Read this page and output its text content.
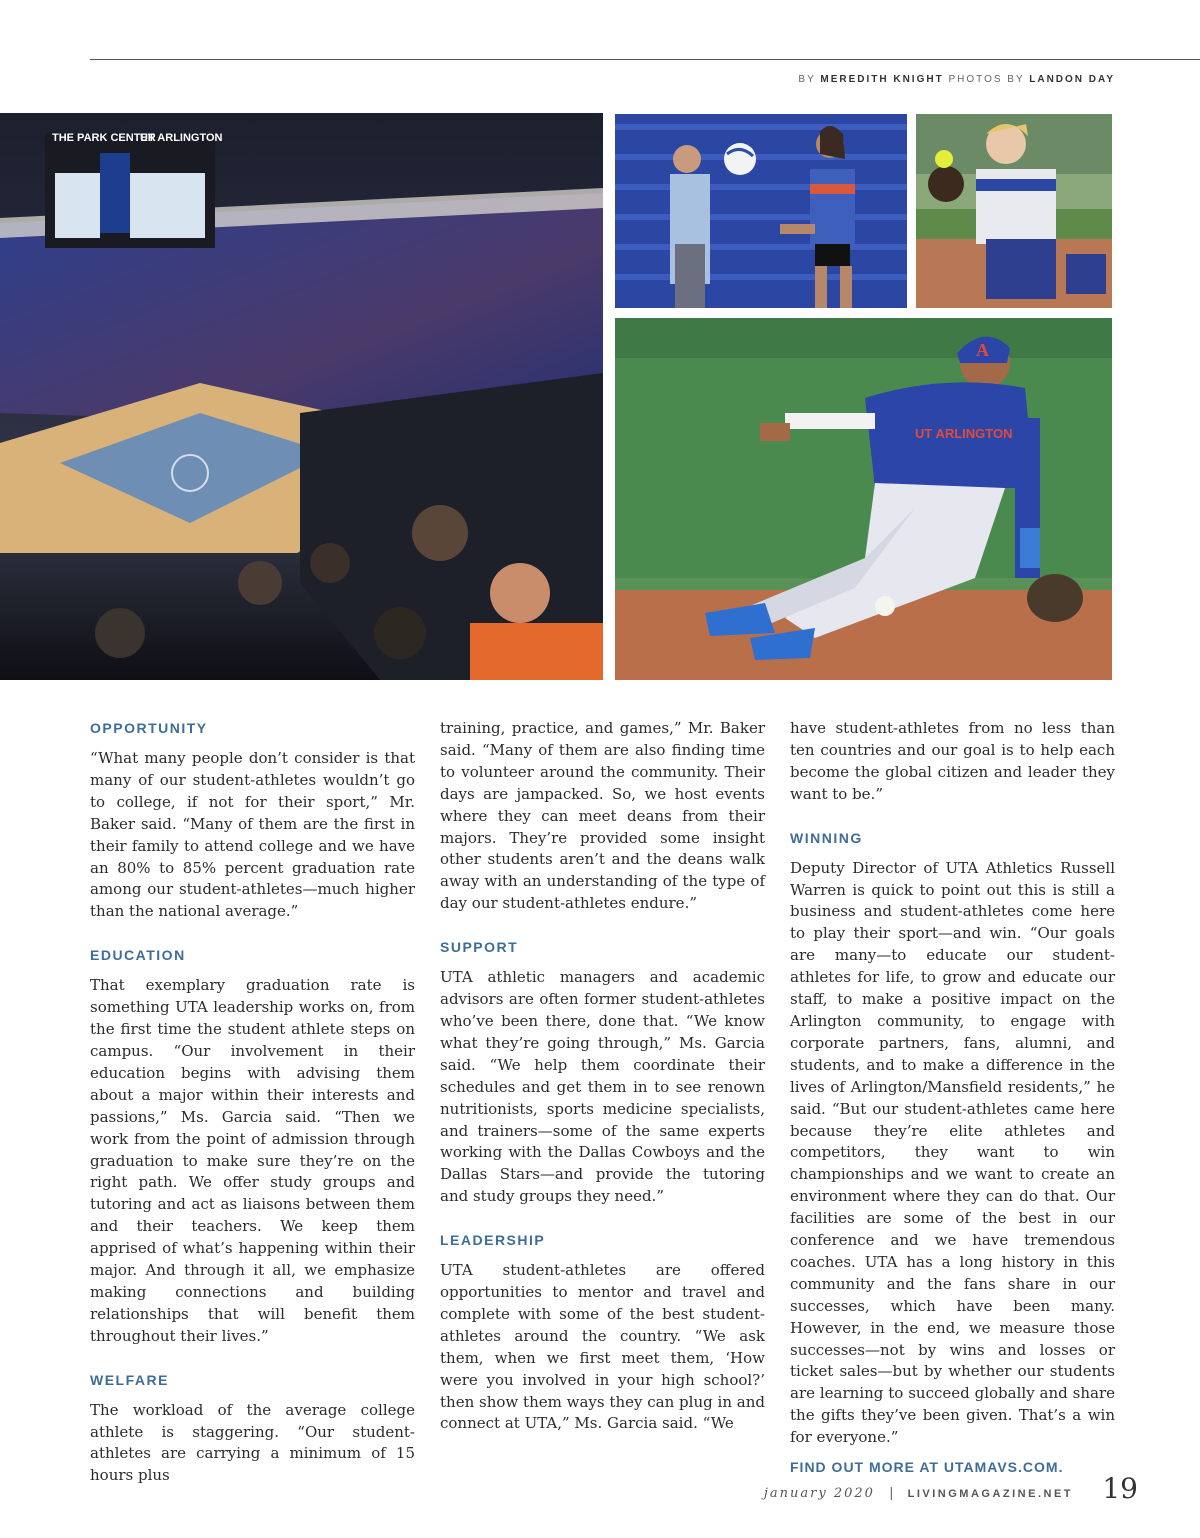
BY MEREDITH KNIGHT PHOTOS BY LANDON DAY
THE PARK CENTER
UT ARLINGTON
A
UT ARLINGTON
OPPORTUNITY

“What many people don’t consider is that many of our student-athletes wouldn’t go to college, if not for their sport,” Mr. Baker said. “Many of them are the first in their family to attend college and we have an 80% to 85% percent graduation rate among our student-athletes—much higher than the national average.”

EDUCATION

That exemplary graduation rate is something UTA leadership works on, from the first time the student athlete steps on campus. “Our involvement in their education begins with advising them about a major within their interests and passions,” Ms. Garcia said. “Then we work from the point of admission through graduation to make sure they’re on the right path. We offer study groups and tutoring and act as liaisons between them and their teachers. We keep them apprised of what’s happening within their major. And through it all, we emphasize making connections and building relationships that will benefit them throughout their lives.”

WELFARE

The workload of the average college athlete is staggering. “Our student-athletes are carrying a minimum of 15 hours plus

training, practice, and games,” Mr. Baker said. “Many of them are also finding time to volunteer around the community. Their days are jampacked. So, we host events where they can meet deans from their majors. They’re provided some insight other students aren’t and the deans walk away with an understanding of the type of day our student-athletes endure.”

SUPPORT

UTA athletic managers and academic advisors are often former student-athletes who’ve been there, done that. “We know what they’re going through,” Ms. Garcia said. “We help them coordinate their schedules and get them in to see renown nutritionists, sports medicine specialists, and trainers—some of the same experts working with the Dallas Cowboys and the Dallas Stars—and provide the tutoring and study groups they need.”

LEADERSHIP

UTA student-athletes are offered opportunities to mentor and travel and complete with some of the best student-athletes around the country. “We ask them, when we first meet them, ‘How were you involved in your high school?’ then show them ways they can plug in and connect at UTA,” Ms. Garcia said. “We

have student-athletes from no less than ten countries and our goal is to help each become the global citizen and leader they want to be.”

WINNING

Deputy Director of UTA Athletics Russell Warren is quick to point out this is still a business and student-athletes come here to play their sport—and win. “Our goals are many—to educate our student-athletes for life, to grow and educate our staff, to make a positive impact on the Arlington community, to engage with corporate partners, fans, alumni, and students, and to make a difference in the lives of Arlington/Mansfield residents,” he said. “But our student-athletes came here because they’re elite athletes and competitors, they want to win championships and we want to create an environment where they can do that. Our facilities are some of the best in our conference and we have tremendous coaches. UTA has a long history in this community and the fans share in our successes, which have been many. However, in the end, we measure those successes—not by wins and losses or ticket sales—but by whether our students are learning to succeed globally and share the gifts they’ve been given. That’s a win for everyone.”

FIND OUT MORE AT UTAMAVS.COM.
january 2020 | LIVINGMAGAZINE.NET 19
